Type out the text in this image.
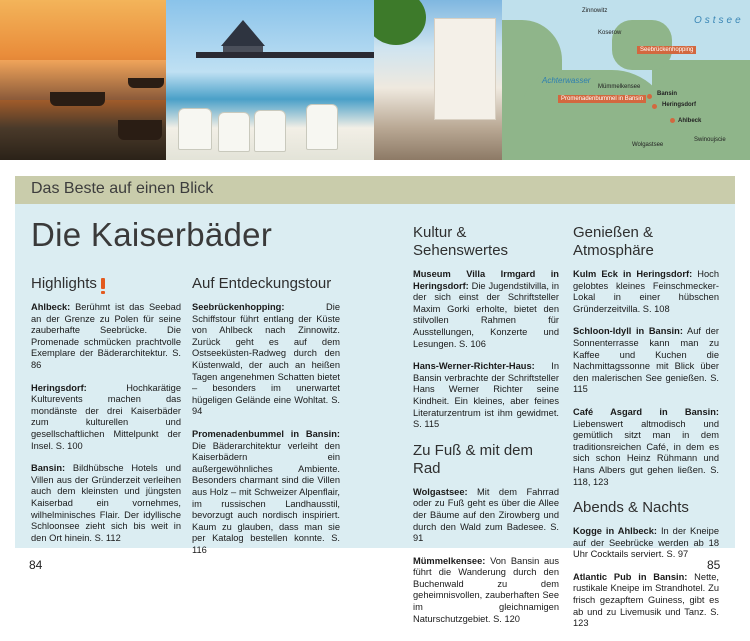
Ostsee
Zinnowitz
Koserow
Achterwasser
Mümmelkensee
Seebrückenhopping
Promenadenbummel in Bansin
Bansin
Heringsdorf
Ahlbeck
Wolgastsee
Swinoujscie
Das Beste auf einen Blick
Die Kaiserbäder
Highlights

Ahlbeck: Berühmt ist das Seebad an der Grenze zu Polen für seine zauberhafte Seebrücke. Die Promenade schmücken prachtvolle Exemplare der Bäderarchitektur. S. 86

Heringsdorf: Hochkarätige Kulturevents machen das mondänste der drei Kaiserbäder zum kulturellen und gesellschaftlichen Mittelpunkt der Insel. S. 100

Bansin: Bildhübsche Hotels und Villen aus der Gründerzeit verleihen auch dem kleinsten und jüngsten Kaiserbad ein vornehmes, wilhelminisches Flair. Der idyllische Schloonsee zieht sich bis weit in den Ort hinein. S. 112

Auf Entdeckungstour

Seebrückenhopping: Die Schiffstour führt entlang der Küste von Ahlbeck nach Zinnowitz. Zurück geht es auf dem Ostseeküsten-Radweg durch den Küstenwald, der auch an heißen Tagen angenehmen Schatten bietet – besonders im unerwartet hügeligen Gelände eine Wohltat. S. 94

Promenadenbummel in Bansin: Die Bäderarchitektur verleiht den Kaiserbädern ein außergewöhnliches Ambiente. Besonders charmant sind die Villen aus Holz – mit Schweizer Alpenflair, im russischen Landhausstil, bevorzugt auch nordisch inspiriert. Kaum zu glauben, dass man sie per Katalog bestellen konnte. S. 116

Kultur & Sehenswertes

Museum Villa Irmgard in Heringsdorf: Die Jugendstilvilla, in der sich einst der Schriftsteller Maxim Gorki erholte, bietet den stilvollen Rahmen für Ausstellungen, Konzerte und Lesungen. S. 106

Hans-Werner-Richter-Haus: In Bansin verbrachte der Schriftsteller Hans Werner Richter seine Kindheit. Ein kleines, aber feines Literaturzentrum ist ihm gewidmet. S. 115

Zu Fuß & mit dem Rad

Wolgastsee: Mit dem Fahrrad oder zu Fuß geht es über die Allee der Bäume auf den Zirowberg und durch den Wald zum Badesee. S. 91

Mümmelkensee: Von Bansin aus führt die Wanderung durch den Buchenwald zu dem geheimnisvollen, zauberhaften See im gleichnamigen Naturschutzgebiet. S. 120

Genießen & Atmosphäre

Kulm Eck in Heringsdorf: Hoch gelobtes kleines Feinschmecker-Lokal in einer hübschen Gründerzeitvilla. S. 108

Schloon-Idyll in Bansin: Auf der Sonnenterrasse kann man zu Kaffee und Kuchen die Nachmittagssonne mit Blick über den malerischen See genießen. S. 115

Café Asgard in Bansin: Liebenswert altmodisch und gemütlich sitzt man in dem traditionsreichen Café, in dem es sich schon Heinz Rühmann und Hans Albers gut gehen ließen. S. 118, 123

Abends & Nachts

Kogge in Ahlbeck: In der Kneipe auf der Seebrücke werden ab 18 Uhr Cocktails serviert. S. 97

Atlantic Pub in Bansin: Nette, rustikale Kneipe im Strandhotel. Zu frisch gezapftem Guiness, gibt es ab und zu Livemusik und Tanz. S. 123

84	85
